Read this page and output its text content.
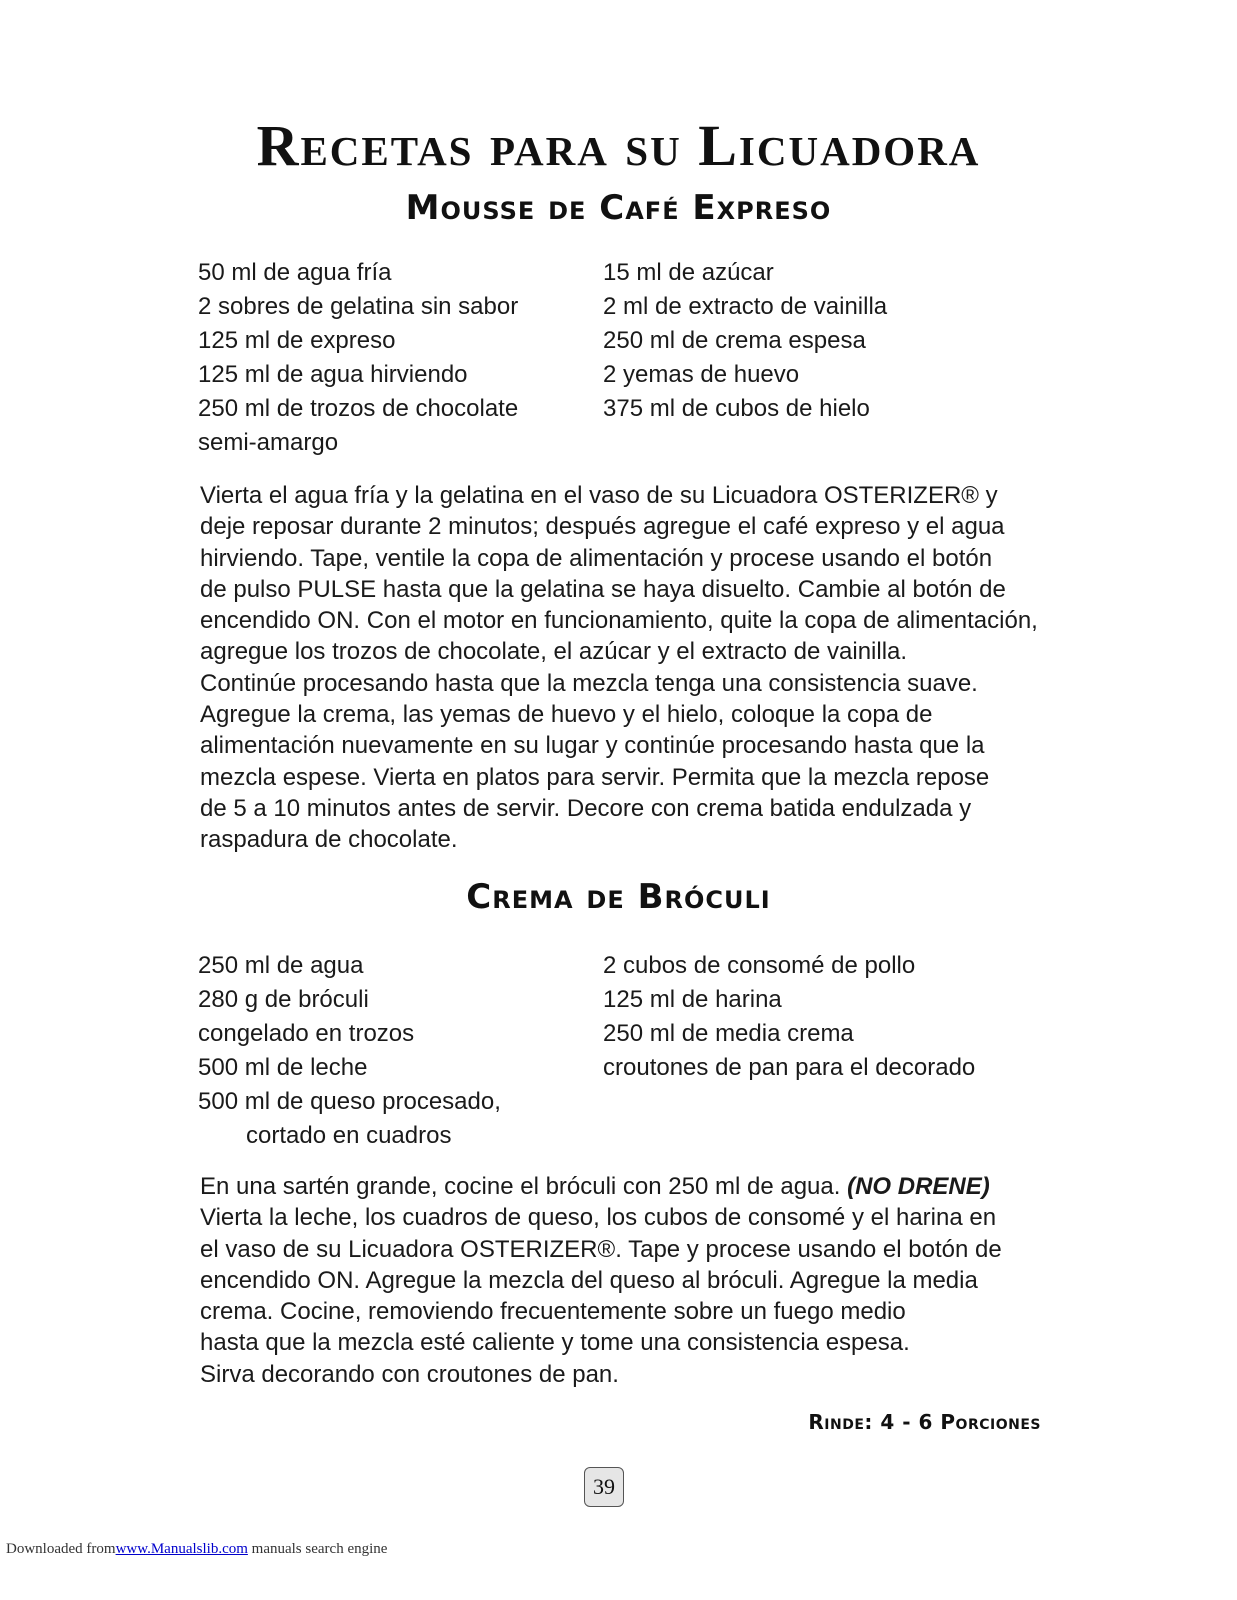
Recetas para su Licuadora
Mousse de Café Expreso
50 ml de agua fría
2 sobres de gelatina sin sabor
125 ml de expreso
125 ml de agua hirviendo
250 ml de trozos de chocolate
semi-amargo
15 ml de azúcar
2 ml de extracto de vainilla
250 ml de crema espesa
2 yemas de huevo
375 ml de cubos de hielo

Vierta el agua fría y la gelatina en el vaso de su Licuadora OSTERIZER® y

deje reposar durante 2 minutos; después agregue el café expreso y el agua

hirviendo. Tape, ventile la copa de alimentación y procese usando el botón

de pulso PULSE hasta que la gelatina se haya disuelto. Cambie al botón de

encendido ON. Con el motor en funcionamiento, quite la copa de alimentación,

agregue los trozos de chocolate, el azúcar y el extracto de vainilla.

Continúe procesando hasta que la mezcla tenga una consistencia suave.

Agregue la crema, las yemas de huevo y el hielo, coloque la copa de

alimentación nuevamente en su lugar y continúe procesando hasta que la

mezcla espese. Vierta en platos para servir. Permita que la mezcla repose

de 5 a 10 minutos antes de servir. Decore con crema batida endulzada y

raspadura de chocolate.

Crema de Bróculi
250 ml de agua
280 g de bróculi
congelado en trozos
500 ml de leche
500 ml de queso procesado,
cortado en cuadros
2 cubos de consomé de pollo
125 ml de harina
250 ml de media crema
croutones de pan para el decorado

En una sartén grande, cocine el bróculi con 250 ml de agua. (NO DRENE)

Vierta la leche, los cuadros de queso, los cubos de consomé y el harina en

el vaso de su Licuadora OSTERIZER®. Tape y procese usando el botón de

encendido ON. Agregue la mezcla del queso al bróculi. Agregue la media

crema. Cocine, removiendo frecuentemente sobre un fuego medio

hasta que la mezcla esté caliente y tome una consistencia espesa.

Sirva decorando con croutones de pan.

Rinde: 4 - 6 Porciones
39
Downloaded fromwww.Manualslib.com manuals search engine
